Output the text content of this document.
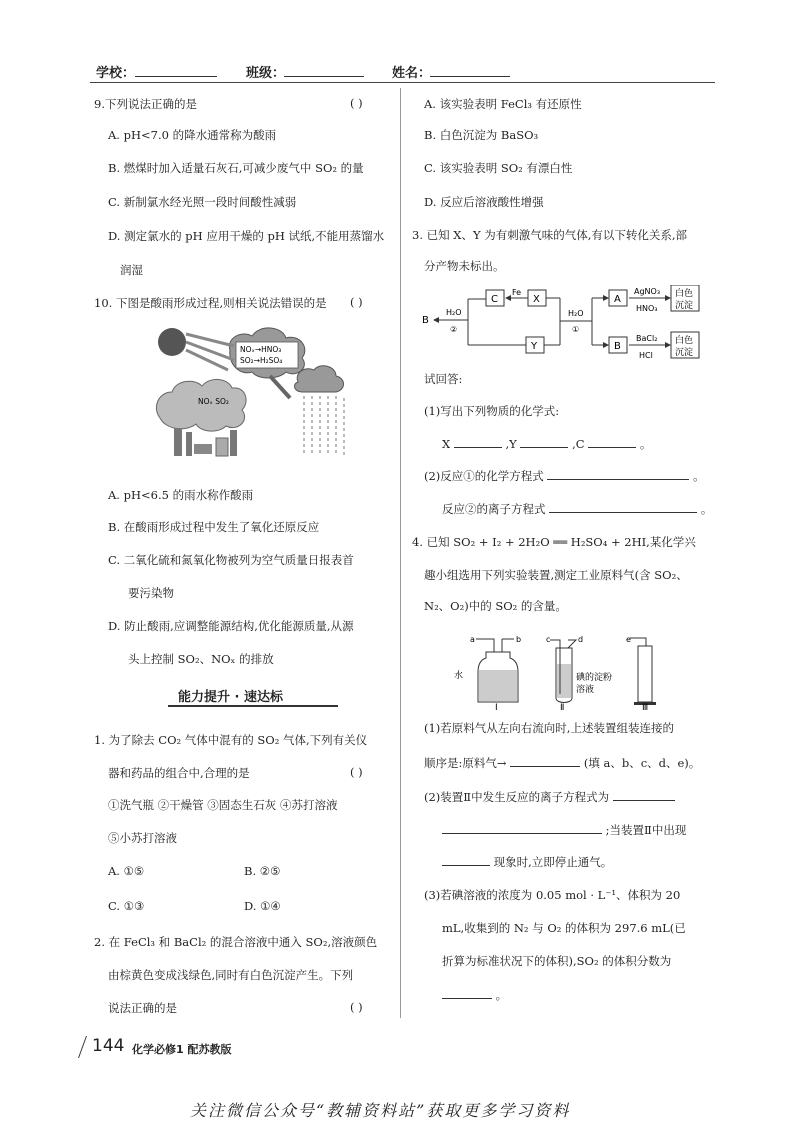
学校：	班级：	姓名：
9.下列说法正确的是	( )
A. pH<7.0 的降水通常称为酸雨
B. 燃煤时加入适量石灰石,可减少废气中 SO₂ 的量
C. 新制氯水经光照一段时间酸性减弱
D. 测定氯水的 pH 应用干燥的 pH 试纸,不能用蒸馏水
润湿
10. 下图是酸雨形成过程,则相关说法错误的是 ( )
NOₓ→HNO₃
SO₂→H₂SO₄
NOₓ SO₂
A. pH<6.5 的雨水称作酸雨
B. 在酸雨形成过程中发生了氧化还原反应
C. 二氧化硫和氮氧化物被列为空气质量日报表首
要污染物
D. 防止酸雨,应调整能源结构,优化能源质量,从源
头上控制 SO₂、NOₓ 的排放
能力提升 · 速达标
1. 为了除去 CO₂ 气体中混有的 SO₂ 气体,下列有关仪
器和药品的组合中,合理的是	( )
①洗气瓶 ②干燥管 ③固态生石灰 ④苏打溶液
⑤小苏打溶液
A. ①⑤	B. ②⑤
C. ①③	D. ①④
2. 在 FeCl₃ 和 BaCl₂ 的混合溶液中通入 SO₂,溶液颜色
由棕黄色变成浅绿色,同时有白色沉淀产生。下列
说法正确的是	( )
A. 该实验表明 FeCl₃ 有还原性
B. 白色沉淀为 BaSO₃
C. 该实验表明 SO₂ 有漂白性
D. 反应后溶液酸性增强
3. 已知 X、Y 为有刺激气味的气体,有以下转化关系,部
分产物未标出。
B
H₂O
②
C
Fe
X
Y
H₂O
①
A
B
AgNO₃
HNO₃
BaCl₂
HCl
白色
沉淀
白色
沉淀
试回答:
(1)写出下列物质的化学式:
X	,Y	,C	。
(2)反应①的化学方程式	。
反应②的离子方程式	。
4. 已知 SO₂ + I₂ + 2H₂O ══ H₂SO₄ + 2HI,某化学兴
趣小组选用下列实验装置,测定工业原料气(含 SO₂、
N₂、O₂)中的 SO₂ 的含量。
a	b
水
Ⅰ
c	d
碘的淀粉
溶液
Ⅱ
e
Ⅲ
(1)若原料气从左向右流向时,上述装置组装连接的
顺序是:原料气→	(填 a、b、c、d、e)。
(2)装置Ⅱ中发生反应的离子方程式为
;当装置Ⅱ中出现
现象时,立即停止通气。
(3)若碘溶液的浓度为 0.05 mol · L⁻¹、体积为 20
mL,收集到的 N₂ 与 O₂ 的体积为 297.6 mL(已
折算为标准状况下的体积),SO₂ 的体积分数为
。
144 化学必修1 配苏教版
关注微信公众号“教辅资料站”获取更多学习资料
